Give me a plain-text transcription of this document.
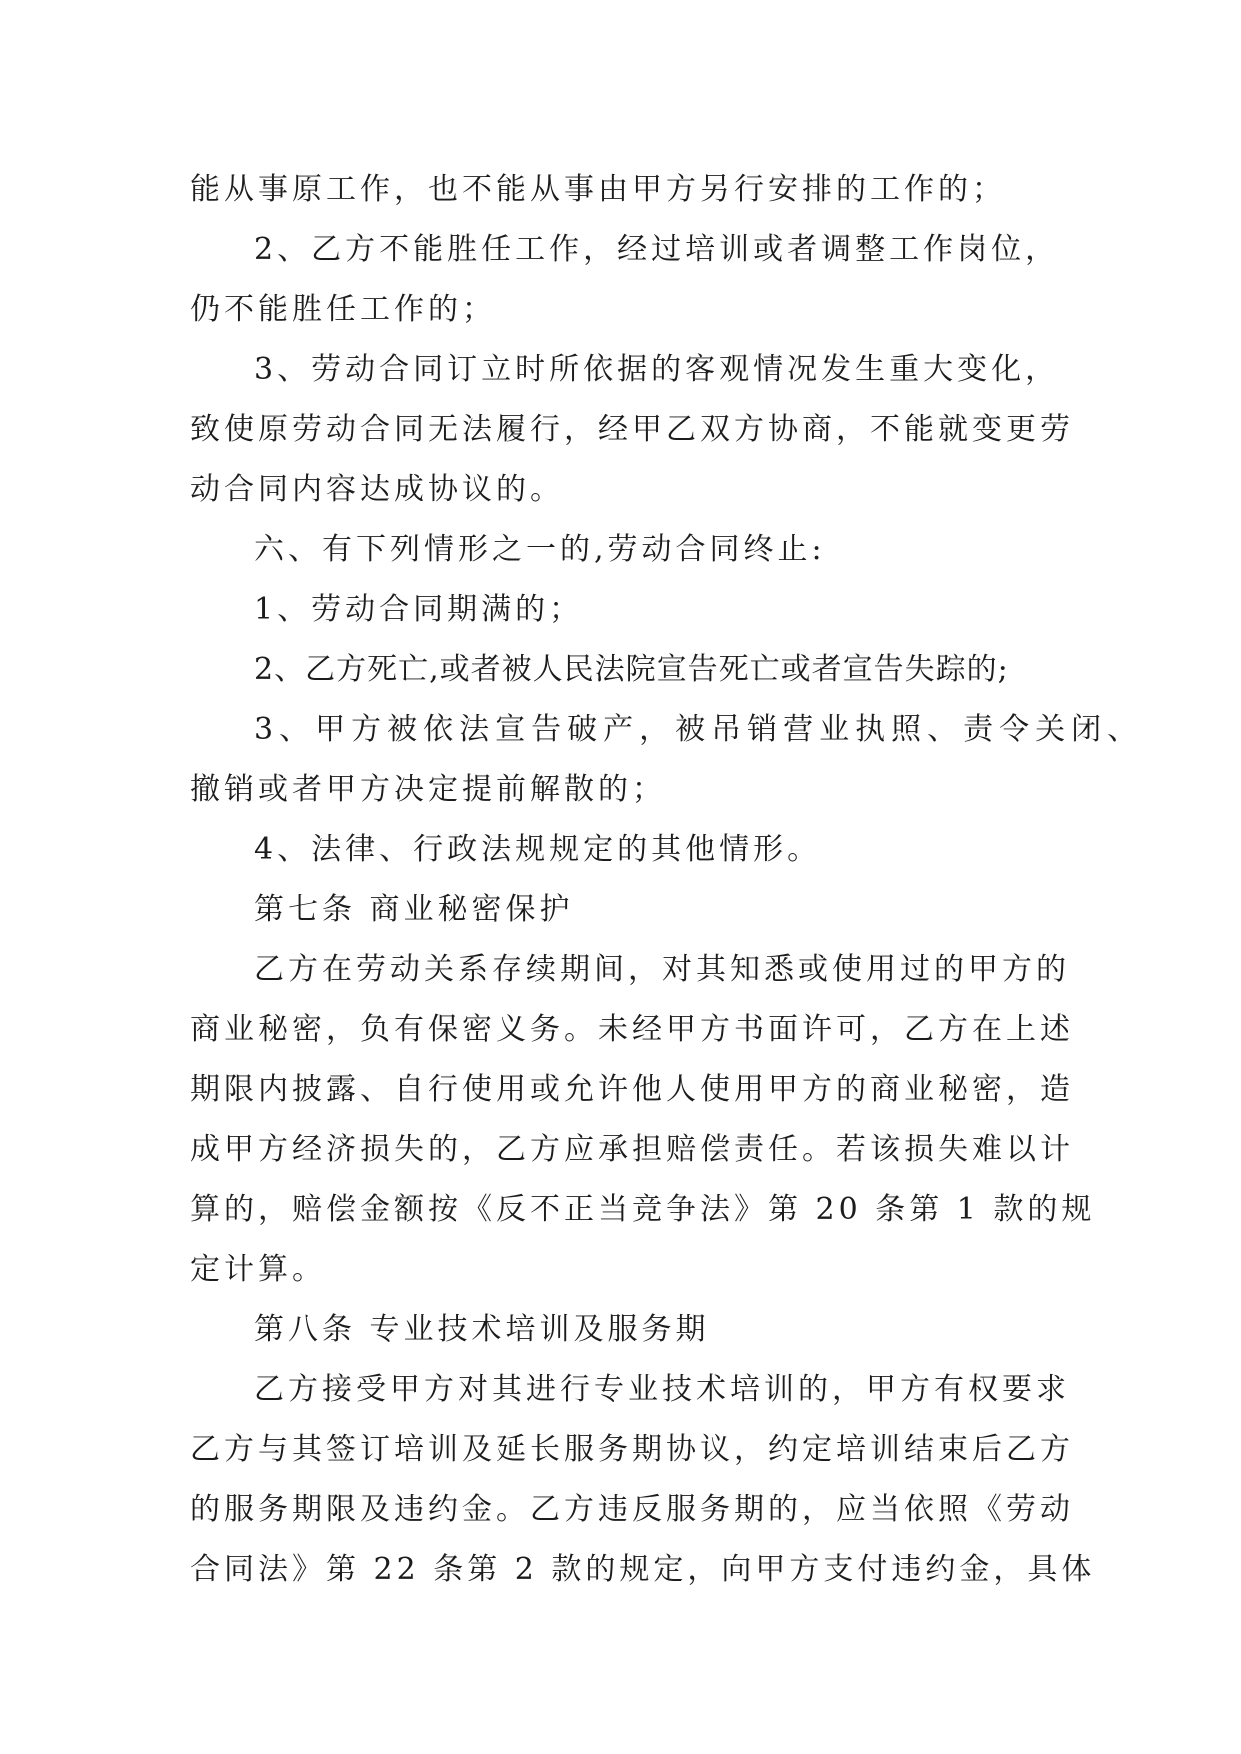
能从事原工作，也不能从事由甲方另行安排的工作的；
2、乙方不能胜任工作，经过培训或者调整工作岗位，
仍不能胜任工作的；
3、劳动合同订立时所依据的客观情况发生重大变化，
致使原劳动合同无法履行，经甲乙双方协商，不能就变更劳
动合同内容达成协议的。
六、有下列情形之一的,劳动合同终止:
1、劳动合同期满的；
2、乙方死亡,或者被人民法院宣告死亡或者宣告失踪的;
3、甲方被依法宣告破产，被吊销营业执照、责令关闭、
撤销或者甲方决定提前解散的；
4、法律、行政法规规定的其他情形。
第七条 商业秘密保护
乙方在劳动关系存续期间，对其知悉或使用过的甲方的
商业秘密，负有保密义务。未经甲方书面许可，乙方在上述
期限内披露、自行使用或允许他人使用甲方的商业秘密，造
成甲方经济损失的，乙方应承担赔偿责任。若该损失难以计
算的，赔偿金额按《反不正当竞争法》第 20 条第 1 款的规
定计算。
第八条 专业技术培训及服务期
乙方接受甲方对其进行专业技术培训的，甲方有权要求
乙方与其签订培训及延长服务期协议，约定培训结束后乙方
的服务期限及违约金。乙方违反服务期的，应当依照《劳动
合同法》第 22 条第 2 款的规定，向甲方支付违约金，具体
